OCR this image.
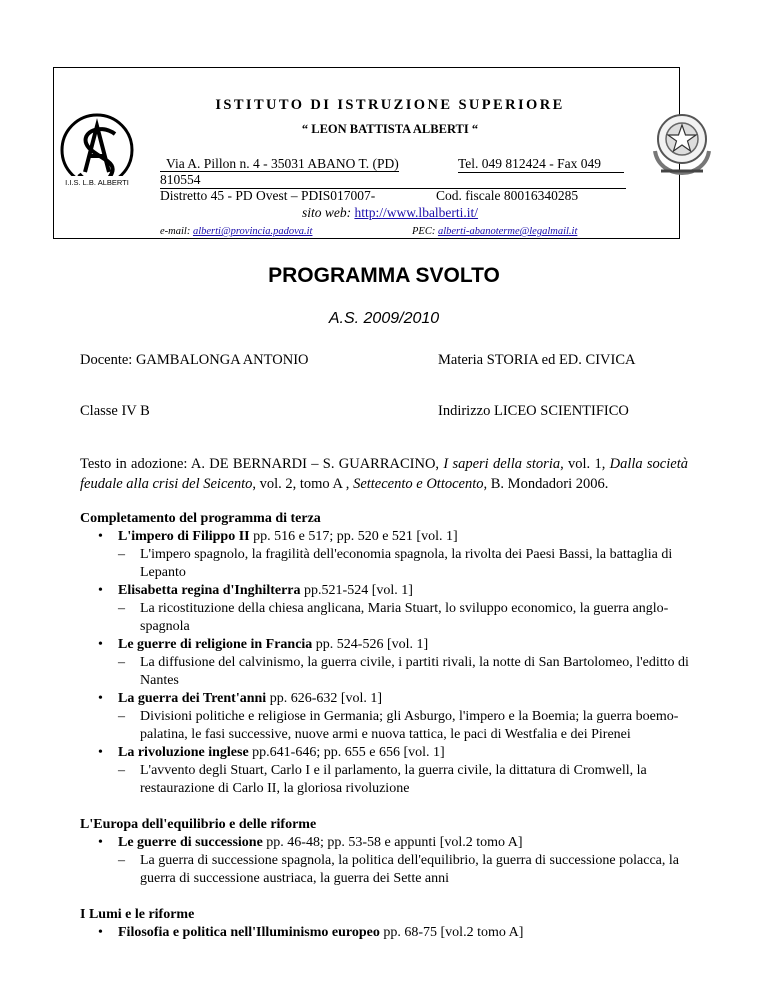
I.I.S. L.B. ALBERTI
ISTITUTO DI ISTRUZIONE SUPERIORE
“ LEON BATTISTA ALBERTI “
Via A. Pillon n. 4 - 35031 ABANO T. (PD)	Tel. 049 812424 - Fax 049
810554
Distretto 45 - PD Ovest – PDIS017007-	Cod. fiscale 80016340285
sito web: http://www.lbalberti.it/
e-mail: alberti@provincia.padova.it	PEC: alberti-abanoterme@legalmail.it
PROGRAMMA SVOLTO
A.S. 2009/2010
Docente: GAMBALONGA ANTONIO	Materia STORIA ed ED. CIVICA
Classe IV B	Indirizzo LICEO SCIENTIFICO
Testo in adozione: A. DE BERNARDI – S. GUARRACINO, I saperi della storia, vol. 1, Dalla società feudale alla crisi del Seicento, vol. 2, tomo A , Settecento e Ottocento, B. Mondadori 2006.

Completamento del programma di terza

• L'impero di Filippo II pp. 516 e 517; pp. 520 e 521 [vol. 1]
– L'impero spagnolo, la fragilità dell'economia spagnola, la rivolta dei Paesi Bassi, la battaglia di Lepanto
• Elisabetta regina d'Inghilterra pp.521-524 [vol. 1]
– La ricostituzione della chiesa anglicana, Maria Stuart, lo sviluppo economico, la guerra anglo-spagnola
• Le guerre di religione in Francia pp. 524-526 [vol. 1]
– La diffusione del calvinismo, la guerra civile, i partiti rivali, la notte di San Bartolomeo, l'editto di Nantes
• La guerra dei Trent'anni pp. 626-632 [vol. 1]
– Divisioni politiche e religiose in Germania; gli Asburgo, l'impero e la Boemia; la guerra boemo-palatina, le fasi successive, nuove armi e nuova tattica, le paci di Westfalia e dei Pirenei
• La rivoluzione inglese pp.641-646; pp. 655 e 656 [vol. 1]
– L'avvento degli Stuart, Carlo I e il parlamento, la guerra civile, la dittatura di Cromwell, la restaurazione di Carlo II, la gloriosa rivoluzione

L'Europa dell'equilibrio e delle riforme

• Le guerre di successione pp. 46-48; pp. 53-58 e appunti [vol.2 tomo A]
– La guerra di successione spagnola, la politica dell'equilibrio, la guerra di successione polacca, la guerra di successione austriaca, la guerra dei Sette anni

I Lumi e le riforme

• Filosofia e politica nell'Illuminismo europeo pp. 68-75 [vol.2 tomo A]
